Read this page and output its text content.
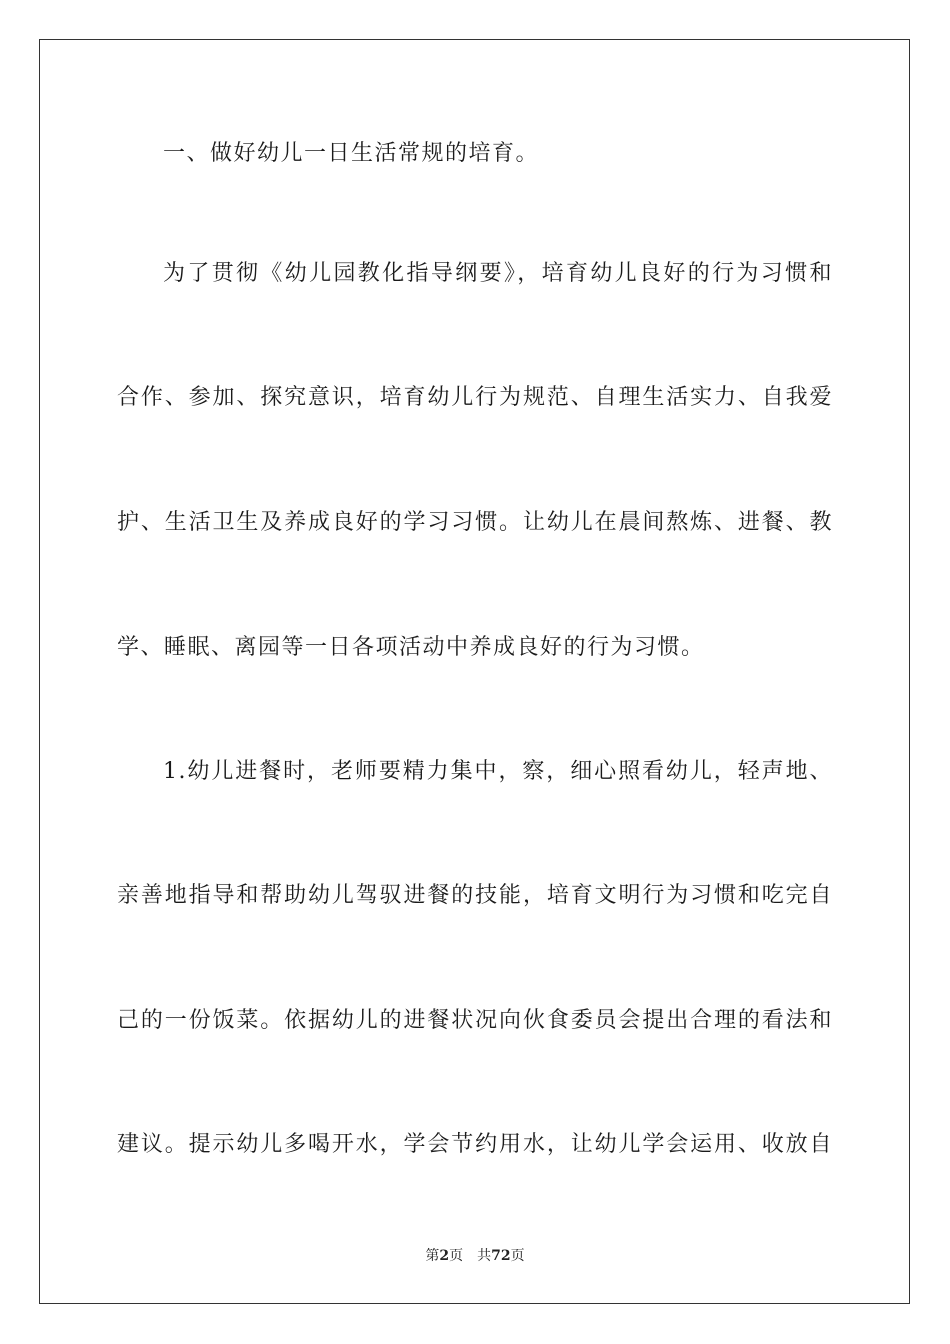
一、做好幼儿一日生活常规的培育。
为了贯彻《幼儿园教化指导纲要》，培育幼儿良好的行为习惯和
合作、参加、探究意识，培育幼儿行为规范、自理生活实力、自我爱
护、生活卫生及养成良好的学习习惯。让幼儿在晨间熬炼、进餐、教
学、睡眠、离园等一日各项活动中养成良好的行为习惯。
1.幼儿进餐时，老师要精力集中，察，细心照看幼儿，轻声地、
亲善地指导和帮助幼儿驾驭进餐的技能，培育文明行为习惯和吃完自
己的一份饭菜。依据幼儿的进餐状况向伙食委员会提出合理的看法和
建议。提示幼儿多喝开水，学会节约用水，让幼儿学会运用、收放自
第2页 共72页
